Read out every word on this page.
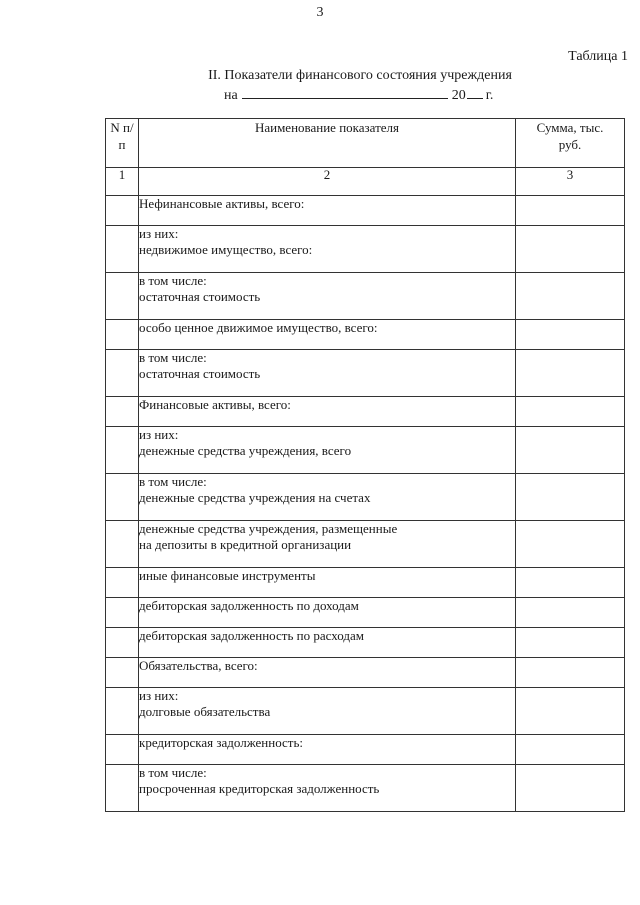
3
Таблица 1
II. Показатели финансового состояния учреждения
на	20 г.
N п/п	Наименование показателя	Сумма, тыс. руб.
1	2	3

	Нефинансовые активы, всего:	

	из них:
недвижимое имущество, всего:	

	в том числе:
остаточная стоимость	

	особо ценное движимое имущество, всего:	

	в том числе:
остаточная стоимость	

	Финансовые активы, всего:	

	из них:
денежные средства учреждения, всего	

	в том числе:
денежные средства учреждения на счетах	

	денежные средства учреждения, размещенные
на депозиты в кредитной организации	

	иные финансовые инструменты	

	дебиторская задолженность по доходам	

	дебиторская задолженность по расходам	

	Обязательства, всего:	

	из них:
долговые обязательства	

	кредиторская задолженность:	

	в том числе:
просроченная кредиторская задолженность	
